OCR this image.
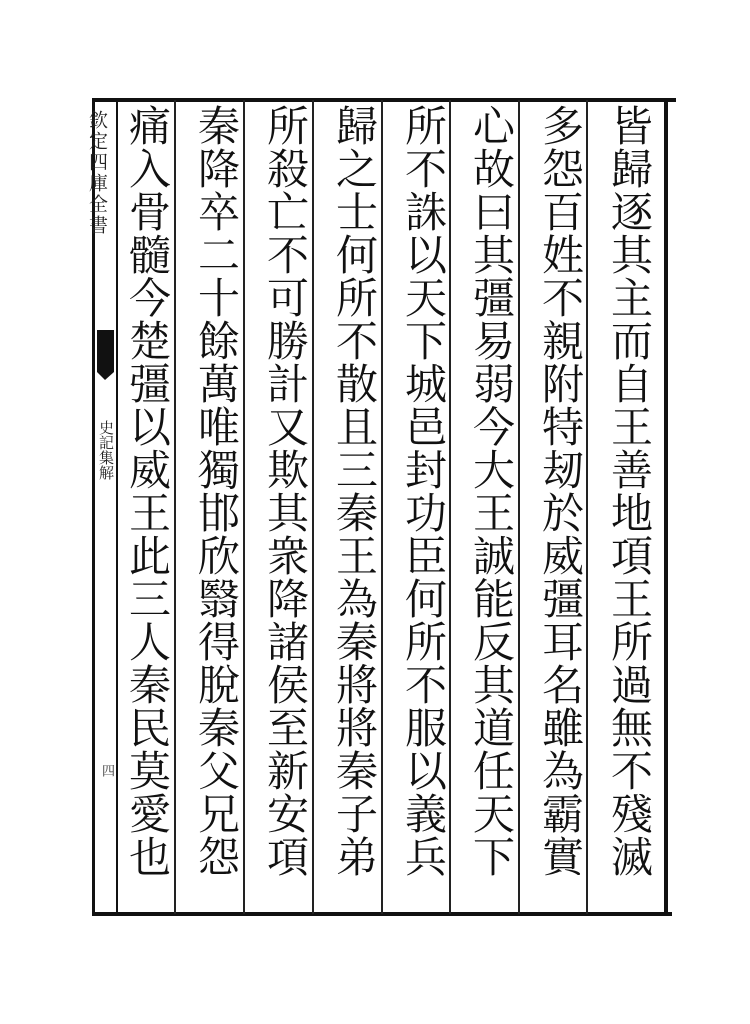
欽定四庫全書
史記集解
四
皆歸逐其主而自王善地項王所過無不殘滅
多怨百姓不親附特刼於威彊耳名雖為霸實
心故曰其彊易弱今大王誠能反其道任天下
所不誅以天下城邑封功臣何所不服以義兵
歸之士何所不散且三秦王為秦將將秦子弟
所殺亡不可勝計又欺其衆降諸侯至新安項
秦降卒二十餘萬唯獨邯欣翳得脫秦父兄怨
痛入骨髓今楚彊以威王此三人秦民莫愛也
